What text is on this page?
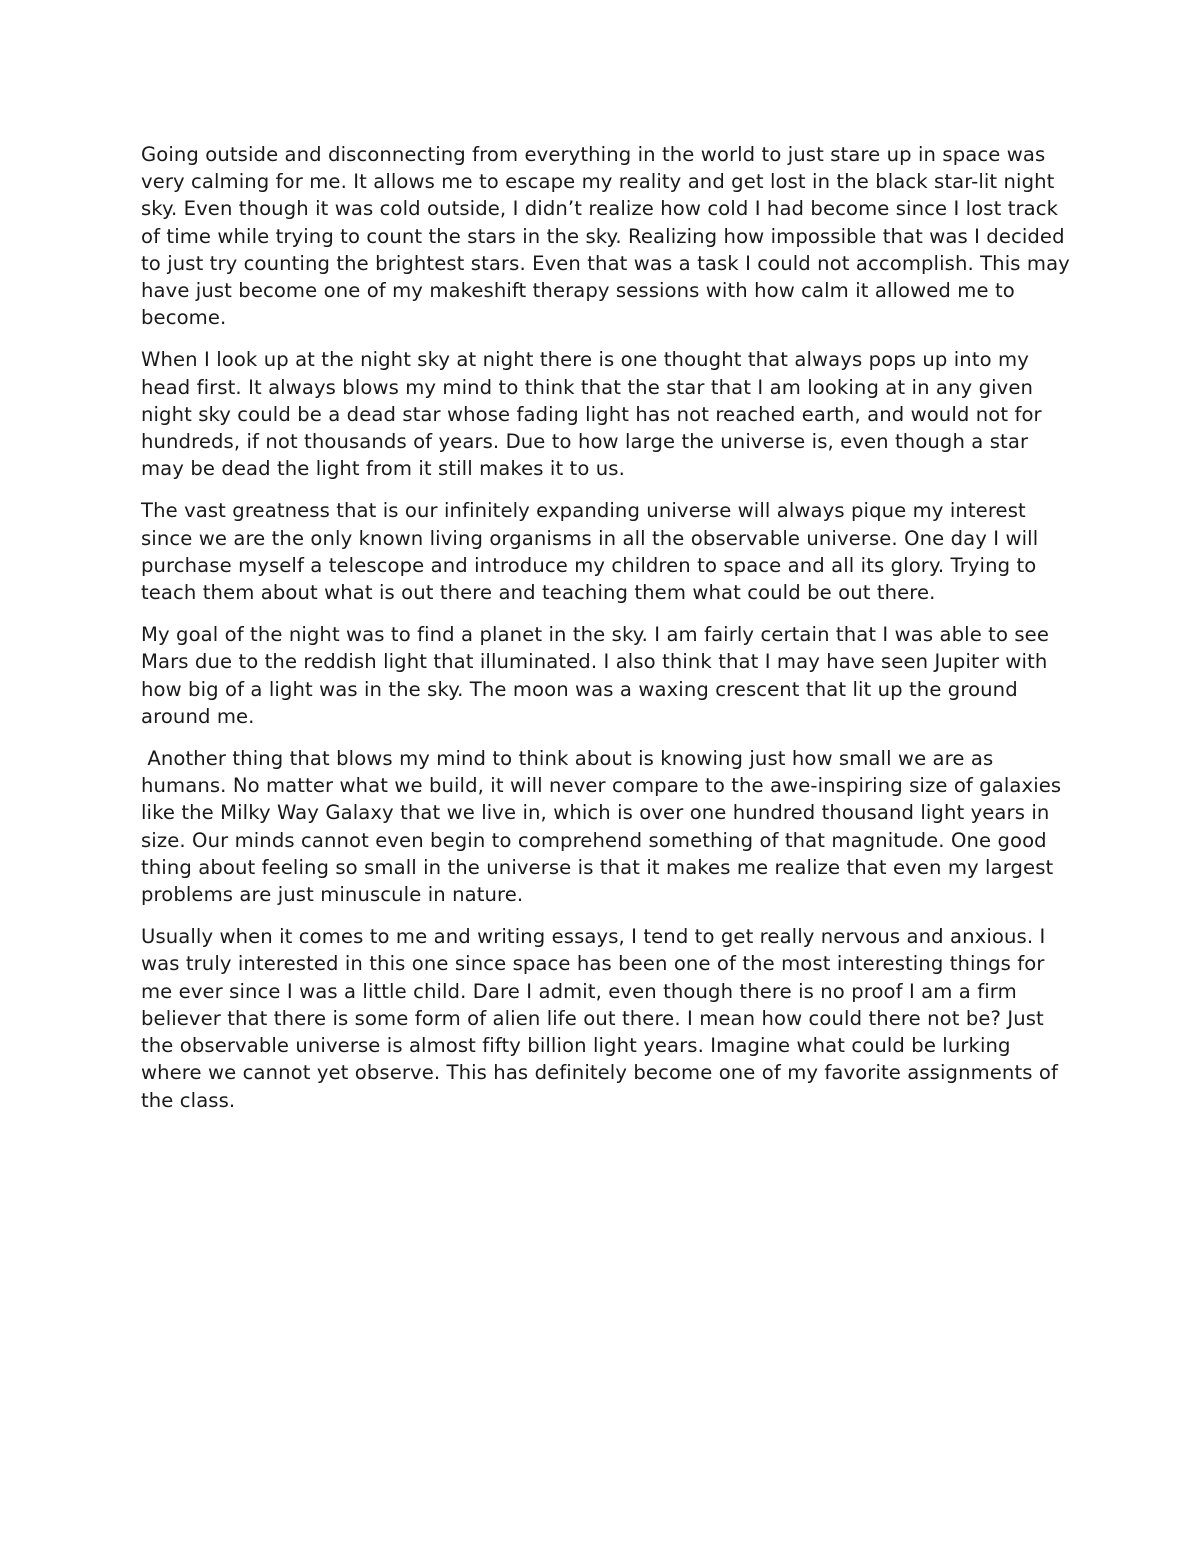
Going outside and disconnecting from everything in the world to just stare up in space was very calming for me. It allows me to escape my reality and get lost in the black star-lit night sky. Even though it was cold outside, I didn’t realize how cold I had become since I lost track of time while trying to count the stars in the sky. Realizing how impossible that was I decided to just try counting the brightest stars. Even that was a task I could not accomplish. This may have just become one of my makeshift therapy sessions with how calm it allowed me to become.

When I look up at the night sky at night there is one thought that always pops up into my head first. It always blows my mind to think that the star that I am looking at in any given night sky could be a dead star whose fading light has not reached earth, and would not for hundreds, if not thousands of years. Due to how large the universe is, even though a star may be dead the light from it still makes it to us.

The vast greatness that is our infinitely expanding universe will always pique my interest since we are the only known living organisms in all the observable universe. One day I will purchase myself a telescope and introduce my children to space and all its glory. Trying to teach them about what is out there and teaching them what could be out there.

My goal of the night was to find a planet in the sky. I am fairly certain that I was able to see Mars due to the reddish light that illuminated. I also think that I may have seen Jupiter with how big of a light was in the sky. The moon was a waxing crescent that lit up the ground around me.

Another thing that blows my mind to think about is knowing just how small we are as humans. No matter what we build, it will never compare to the awe-inspiring size of galaxies like the Milky Way Galaxy that we live in, which is over one hundred thousand light years in size. Our minds cannot even begin to comprehend something of that magnitude. One good thing about feeling so small in the universe is that it makes me realize that even my largest problems are just minuscule in nature.

Usually when it comes to me and writing essays, I tend to get really nervous and anxious. I was truly interested in this one since space has been one of the most interesting things for me ever since I was a little child. Dare I admit, even though there is no proof I am a firm believer that there is some form of alien life out there. I mean how could there not be? Just the observable universe is almost fifty billion light years. Imagine what could be lurking where we cannot yet observe. This has definitely become one of my favorite assignments of the class.
